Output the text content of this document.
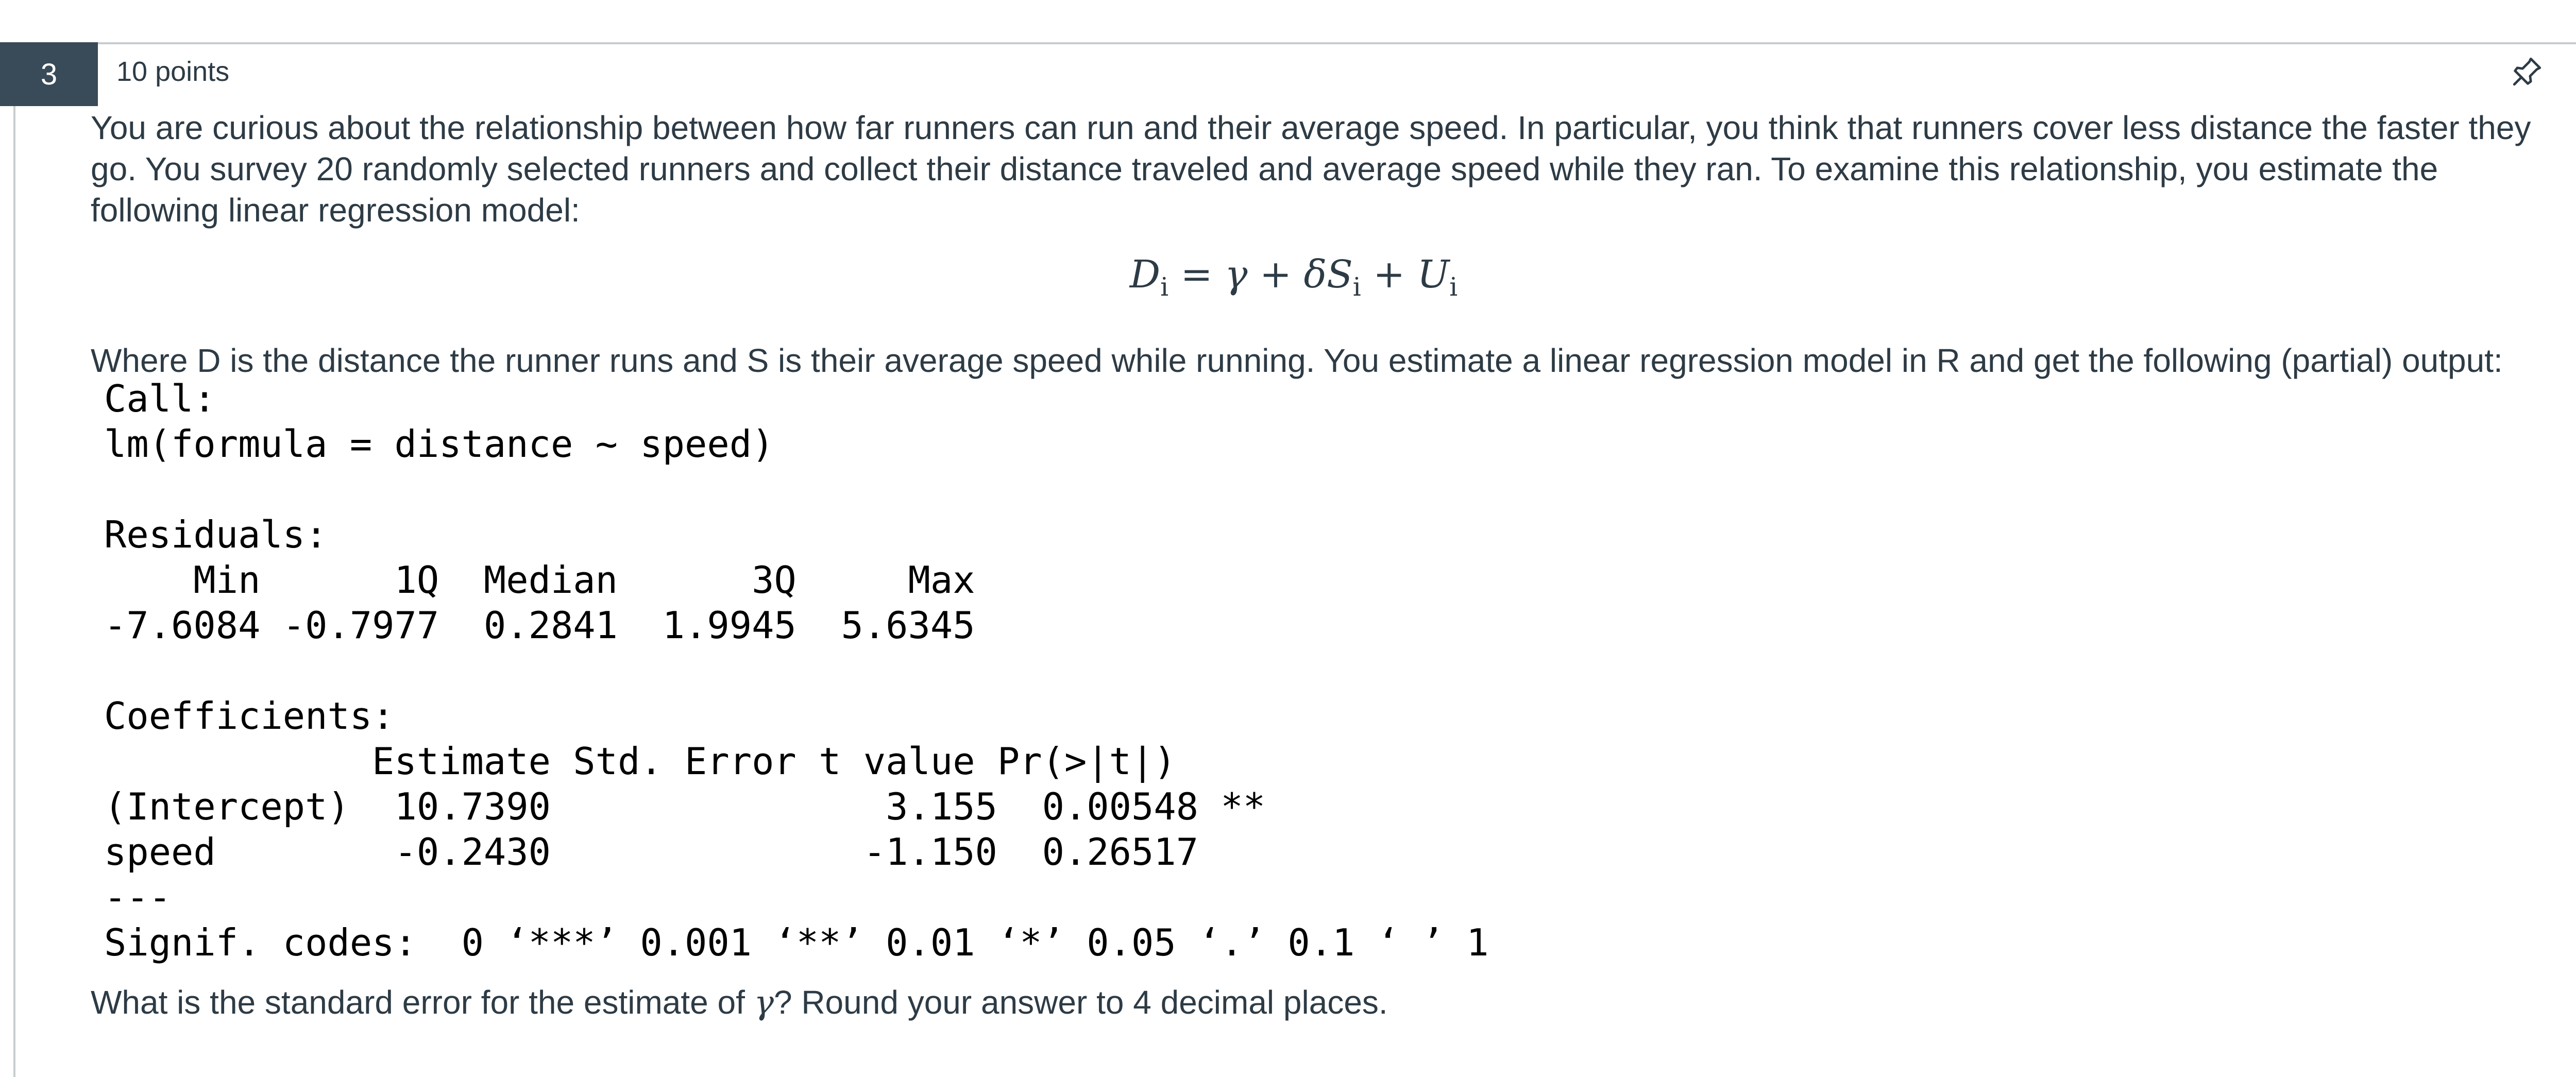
3 10 points

You are curious about the relationship between how far runners can run and their average speed. In particular, you think that runners cover less distance the faster they go. You survey 20 randomly selected runners and collect their distance traveled and average speed while they ran. To examine this relationship, you estimate the following linear regression model:

$D_i = \gamma + \delta S_i + U_i$
Where D is the distance the runner runs and S is their average speed while running. You estimate a linear regression model in R and get the following (partial) output:
Call:
lm(formula = distance ~ speed)

Residuals:
Min      1Q  Median      3Q     Max
-7.6084 -0.7977  0.2841  1.9945  5.6345

Coefficients:
Estimate Std. Error t value Pr(>|t|)
(Intercept)  10.7390               3.155  0.00548 **
speed        -0.2430              -1.150  0.26517
---
Signif. codes:  0 ‘***’ 0.001 ‘**’ 0.01 ‘*’ 0.05 ‘.’ 0.1 ‘ ’ 1
What is the standard error for the estimate of γ? Round your answer to 4 decimal places.
